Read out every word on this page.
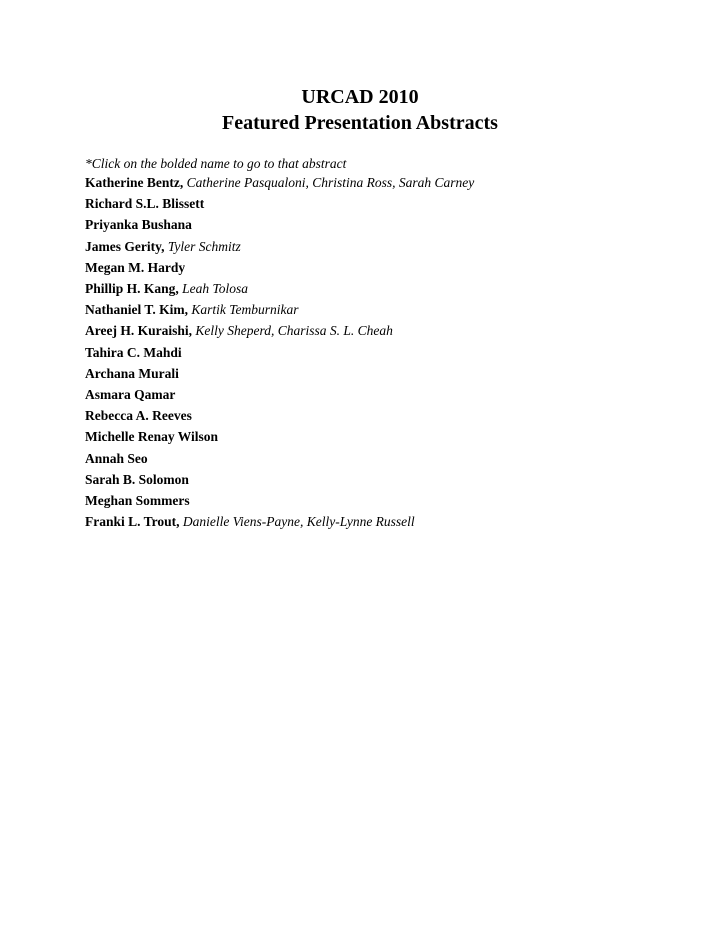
URCAD 2010
Featured Presentation Abstracts
*Click on the bolded name to go to that abstract
Katherine Bentz, Catherine Pasqualoni, Christina Ross, Sarah Carney
Richard S.L. Blissett
Priyanka Bushana
James Gerity, Tyler Schmitz
Megan M. Hardy
Phillip H. Kang, Leah Tolosa
Nathaniel T. Kim, Kartik Temburnikar
Areej H. Kuraishi, Kelly Sheperd, Charissa S. L. Cheah
Tahira C. Mahdi
Archana Murali
Asmara Qamar
Rebecca A. Reeves
Michelle Renay Wilson
Annah Seo
Sarah B. Solomon
Meghan Sommers
Franki L. Trout, Danielle Viens-Payne, Kelly-Lynne Russell
